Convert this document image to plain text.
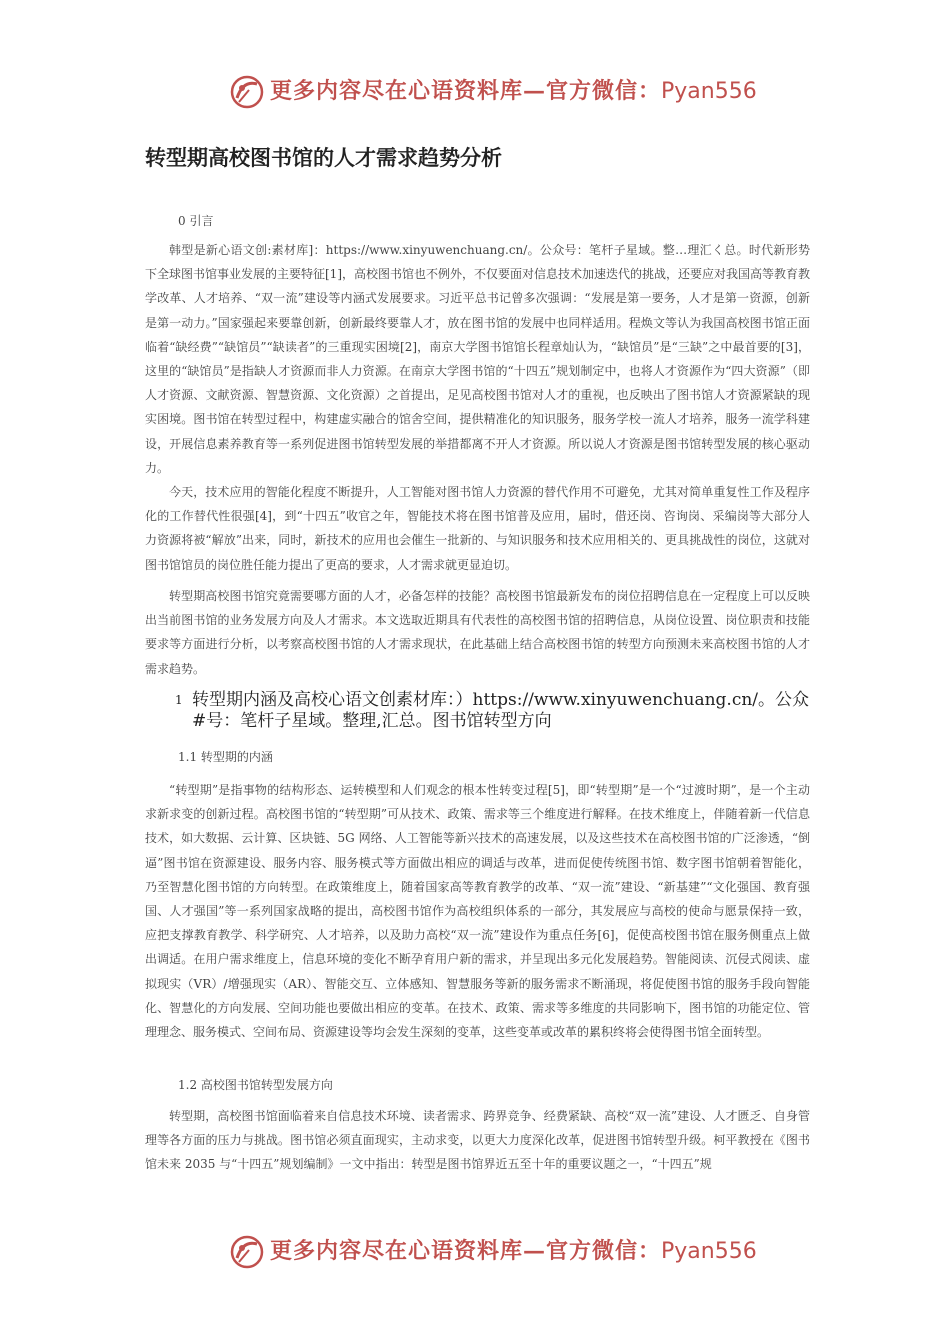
更多内容尽在心语资料库—官方微信：Pyan556
转型期高校图书馆的人才需求趋势分析
0 引言

韩型是新心语文创:素材库]：https://www.xinyuwenchuang.cn/。公众号：笔杆子星域。整…理汇く总。时代新形势下全球图书馆事业发展的主要特征[1]，高校图书馆也不例外，不仅要面对信息技术加速迭代的挑战，还要应对我国高等教育教学改革、人才培养、“双一流”建设等内涵式发展要求。习近平总书记曾多次强调：“发展是第一要务，人才是第一资源，创新是第一动力。”国家强起来要靠创新，创新最终要靠人才，放在图书馆的发展中也同样适用。程焕文等认为我国高校图书馆正面临着“缺经费”“缺馆员”“缺读者”的三重现实困境[2]，南京大学图书馆馆长程章灿认为，“缺馆员”是“三缺”之中最首要的[3]，这里的“缺馆员”是指缺人才资源而非人力资源。在南京大学图书馆的“十四五”规划制定中，也将人才资源作为“四大资源”（即人才资源、文献资源、智慧资源、文化资源）之首提出，足见高校图书馆对人才的重视，也反映出了图书馆人才资源紧缺的现实困境。图书馆在转型过程中，构建虚实融合的馆舍空间，提供精准化的知识服务，服务学校一流人才培养，服务一流学科建设，开展信息素养教育等一系列促进图书馆转型发展的举措都离不开人才资源。所以说人才资源是图书馆转型发展的核心驱动力。

今天，技术应用的智能化程度不断提升，人工智能对图书馆人力资源的替代作用不可避免，尤其对简单重复性工作及程序化的工作替代性很强[4]，到“十四五”收官之年，智能技术将在图书馆普及应用，届时，借还岗、咨询岗、采编岗等大部分人力资源将被“解放”出来，同时，新技术的应用也会催生一批新的、与知识服务和技术应用相关的、更具挑战性的岗位，这就对图书馆馆员的岗位胜任能力提出了更高的要求，人才需求就更显迫切。

转型期高校图书馆究竟需要哪方面的人才，必备怎样的技能？高校图书馆最新发布的岗位招聘信息在一定程度上可以反映出当前图书馆的业务发展方向及人才需求。本文选取近期具有代表性的高校图书馆的招聘信息，从岗位设置、岗位职责和技能要求等方面进行分析，以考察高校图书馆的人才需求现状，在此基础上结合高校图书馆的转型方向预测未来高校图书馆的人才需求趋势。

1 转型期内涵及高校心语文创素材库：）https://www.xinyuwenchuang.cn/。公众#号：笔杆子星域。整理,汇总。图书馆转型方向
1.1 转型期的内涵

“转型期”是指事物的结构形态、运转模型和人们观念的根本性转变过程[5]，即“转型期”是一个“过渡时期”，是一个主动求新求变的创新过程。高校图书馆的“转型期”可从技术、政策、需求等三个维度进行解释。在技术维度上，伴随着新一代信息技术，如大数据、云计算、区块链、5G 网络、人工智能等新兴技术的高速发展，以及这些技术在高校图书馆的广泛渗透，“倒逼”图书馆在资源建设、服务内容、服务模式等方面做出相应的调适与改革，进而促使传统图书馆、数字图书馆朝着智能化，乃至智慧化图书馆的方向转型。在政策维度上，随着国家高等教育教学的改革、“双一流”建设、“新基建”“文化强国、教育强国、人才强国”等一系列国家战略的提出，高校图书馆作为高校组织体系的一部分，其发展应与高校的使命与愿景保持一致，应把支撑教育教学、科学研究、人才培养，以及助力高校“双一流”建设作为重点任务[6]，促使高校图书馆在服务侧重点上做出调适。在用户需求维度上，信息环境的变化不断孕育用户新的需求，并呈现出多元化发展趋势。智能阅读、沉侵式阅读、虚拟现实（VR）/增强现实（AR）、智能交互、立体感知、智慧服务等新的服务需求不断涌现，将促使图书馆的服务手段向智能化、智慧化的方向发展、空间功能也要做出相应的变革。在技术、政策、需求等多维度的共同影响下，图书馆的功能定位、管理理念、服务模式、空间布局、资源建设等均会发生深刻的变革，这些变革或改革的累积终将会使得图书馆全面转型。

1.2 高校图书馆转型发展方向

转型期，高校图书馆面临着来自信息技术环境、读者需求、跨界竞争、经费紧缺、高校“双一流”建设、人才匮乏、自身管理等各方面的压力与挑战。图书馆必须直面现实，主动求变，以更大力度深化改革，促进图书馆转型升级。柯平教授在《图书馆未来 2035 与“十四五”规划编制》一文中指出：转型是图书馆界近五至十年的重要议题之一，“十四五”规

更多内容尽在心语资料库—官方微信：Pyan556
